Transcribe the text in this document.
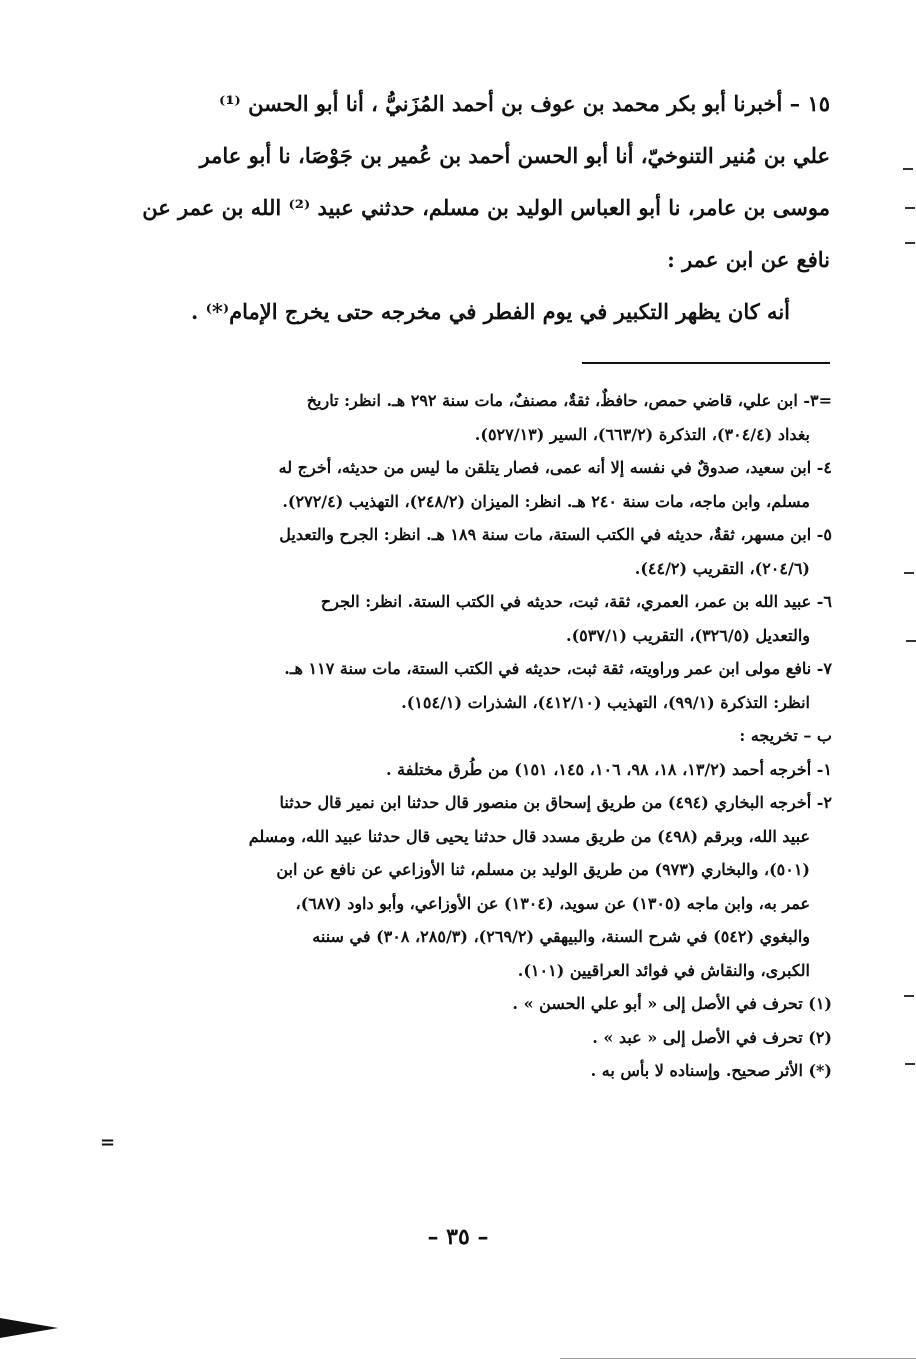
١٥ – أخبرنا أبو بكر محمد بن عوف بن أحمد المُزَنيُّ ، أنا أبو الحسن ⁽¹⁾

علي بن مُنير التنوخيّ، أنا أبو الحسن أحمد بن عُمير بن جَوْصَا، نا أبو عامر

موسى بن عامر، نا أبو العباس الوليد بن مسلم، حدثني عبيد ⁽²⁾ الله بن عمر عن

نافع عن ابن عمر :

أنه كان يظهر التكبير في يوم الفطر في مخرجه حتى يخرج الإمام⁽*⁾ .

=٣- ابن علي، قاضي حمص، حافظٌ، ثقةٌ، مصنفٌ، مات سنة ٢٩٢ هـ. انظر: تاريخ

بغداد (٣٠٤/٤)، التذكرة (٦٦٣/٢)، السير (٥٢٧/١٣).

٤- ابن سعيد، صدوقٌ في نفسه إلا أنه عمى، فصار يتلقن ما ليس من حديثه، أخرج له

مسلم، وابن ماجه، مات سنة ٢٤٠ هـ. انظر: الميزان (٢٤٨/٢)، التهذيب (٢٧٢/٤).

٥- ابن مسهر، ثقةٌ، حديثه في الكتب الستة، مات سنة ١٨٩ هـ. انظر: الجرح والتعديل

(٢٠٤/٦)، التقريب (٤٤/٢).

٦- عبيد الله بن عمر، العمري، ثقة، ثبت، حديثه في الكتب الستة. انظر: الجرح

والتعديل (٣٢٦/٥)، التقريب (٥٣٧/١).

٧- نافع مولى ابن عمر وراويته، ثقة ثبت، حديثه في الكتب الستة، مات سنة ١١٧ هـ.

انظر: التذكرة (٩٩/١)، التهذيب (٤١٢/١٠)، الشذرات (١٥٤/١).

ب – تخريجه :

١- أخرجه أحمد (١٣/٢، ١٨، ٩٨، ١٠٦، ١٤٥، ١٥١) من طُرق مختلفة .

٢- أخرجه البخاري (٤٩٤) من طريق إسحاق بن منصور قال حدثنا ابن نمير قال حدثنا

عبيد الله، وبرقم (٤٩٨) من طريق مسدد قال حدثنا يحيى قال حدثنا عبيد الله، ومسلم

(٥٠١)، والبخاري (٩٧٣) من طريق الوليد بن مسلم، ثنا الأوزاعي عن نافع عن ابن

عمر به، وابن ماجه (١٣٠٥) عن سويد، (١٣٠٤) عن الأوزاعي، وأبو داود (٦٨٧)،

والبغوي (٥٤٢) في شرح السنة، والبيهقي (٢٦٩/٢)، (٢٨٥/٣، ٣٠٨) في سننه

الكبرى، والنقاش في فوائد العراقيين (١٠١).

(١) تحرف في الأصل إلى « أبو علي الحسن » .

(٢) تحرف في الأصل إلى « عبد » .

(*) الأثر صحيح. وإسناده لا بأس به .

=
– ٣٥ –
